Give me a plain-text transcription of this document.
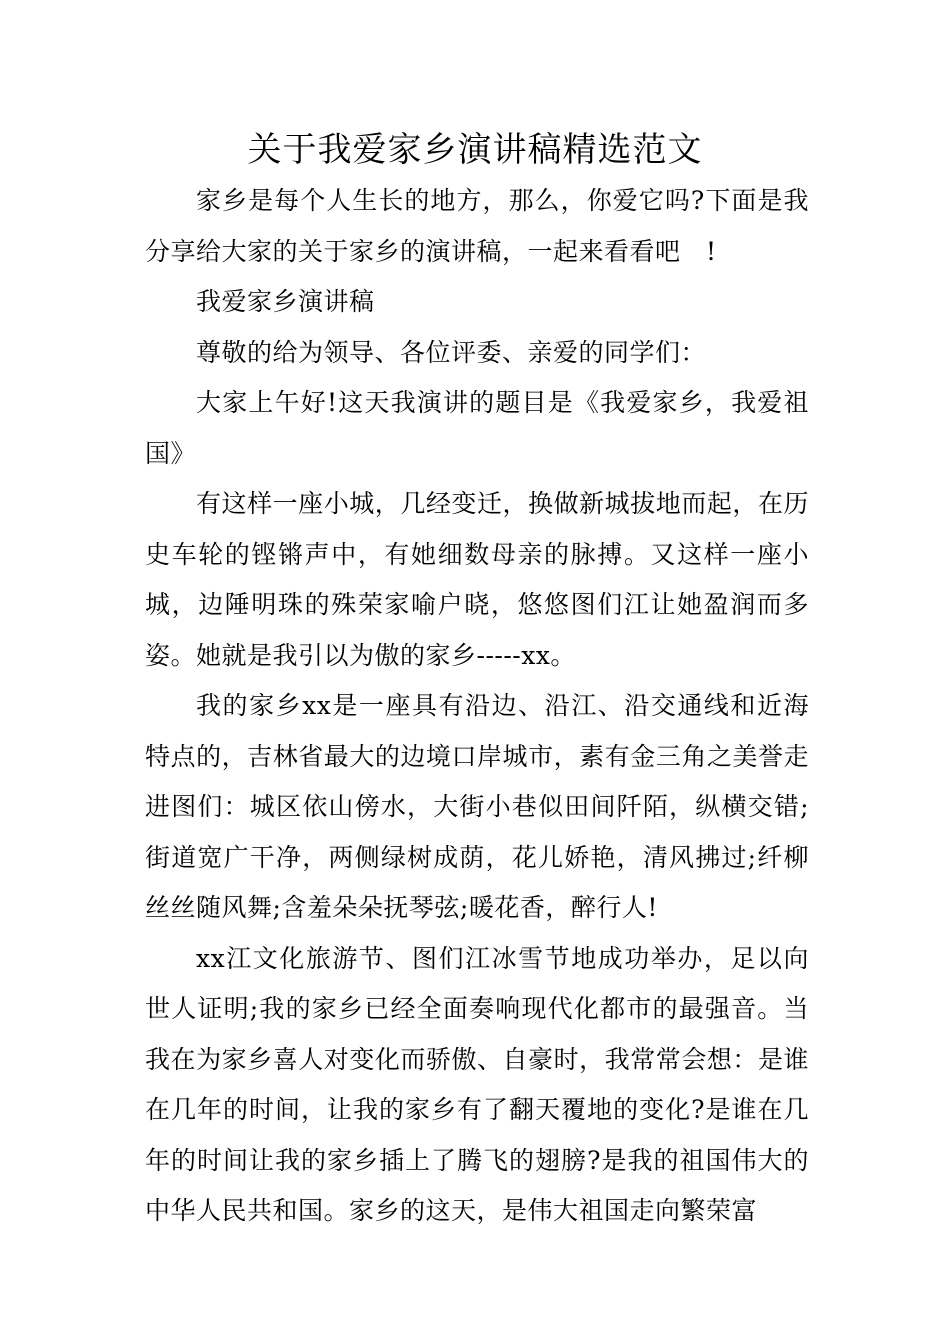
关于我爱家乡演讲稿精选范文

家乡是每个人生长的地方，那么，你爱它吗?下面是我分享给大家的关于家乡的演讲稿，一起来看看吧　!

我爱家乡演讲稿

尊敬的给为领导、各位评委、亲爱的同学们：

大家上午好!这天我演讲的题目是《我爱家乡，我爱祖国》

有这样一座小城，几经变迁，换做新城拔地而起，在历史车轮的铿锵声中，有她细数母亲的脉搏。又这样一座小城，边陲明珠的殊荣家喻户晓，悠悠图们江让她盈润而多姿。她就是我引以为傲的家乡-----xx。

我的家乡xx是一座具有沿边、沿江、沿交通线和近海特点的，吉林省最大的边境口岸城市，素有金三角之美誉走进图们：城区依山傍水，大街小巷似田间阡陌，纵横交错;街道宽广干净，两侧绿树成荫，花儿娇艳，清风拂过;纤柳丝丝随风舞;含羞朵朵抚琴弦;暖花香，醉行人!

xx江文化旅游节、图们江冰雪节地成功举办，足以向世人证明;我的家乡已经全面奏响现代化都市的最强音。当我在为家乡喜人对变化而骄傲、自豪时，我常常会想：是谁在几年的时间，让我的家乡有了翻天覆地的变化?是谁在几年的时间让我的家乡插上了腾飞的翅膀?是我的祖国伟大的中华人民共和国。家乡的这天，是伟大祖国走向繁荣富
